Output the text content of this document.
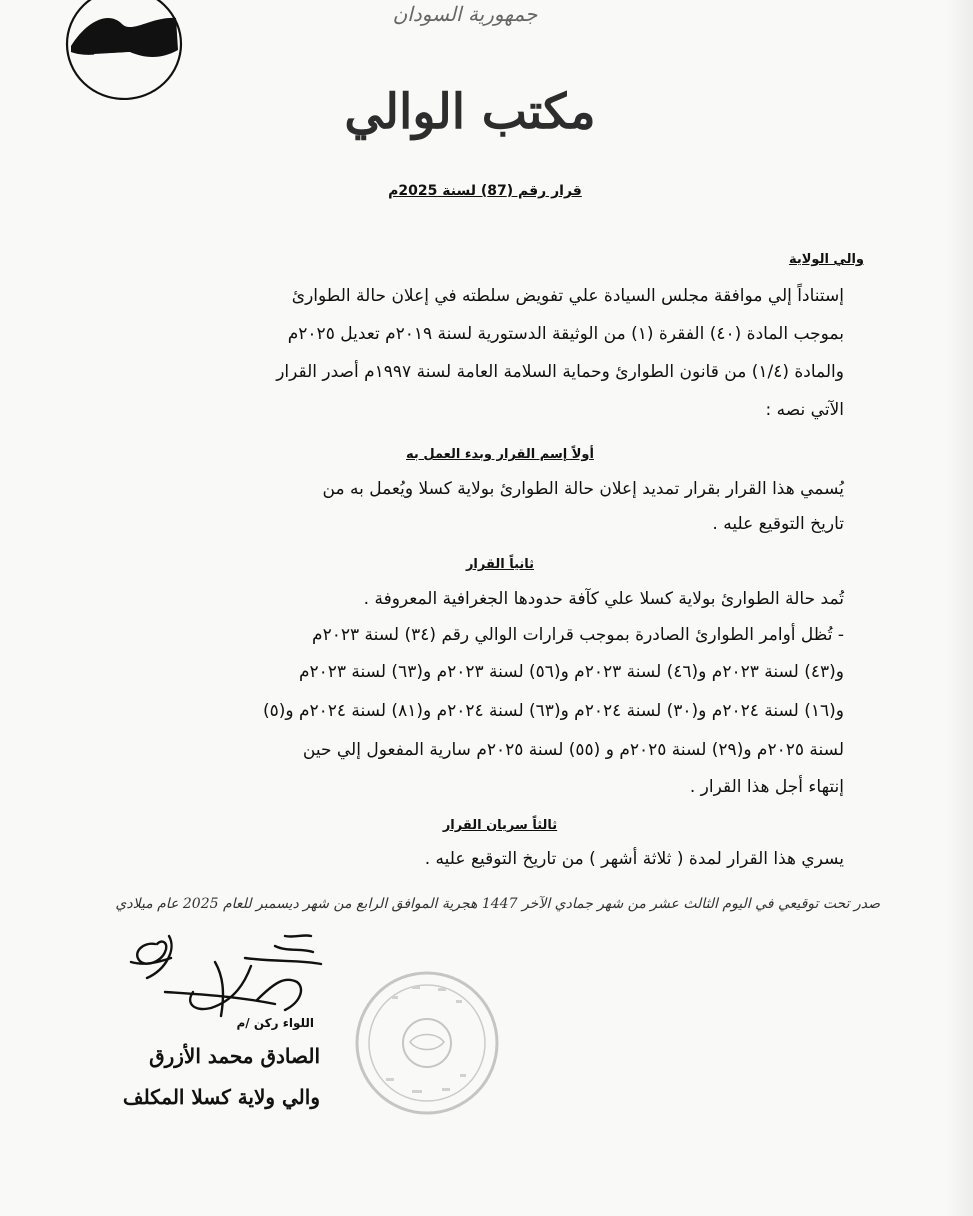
جمهورية السودان
مكتب الوالي
قرار رقم (87) لسنة 2025م
والي الولاية
إستناداً إلي موافقة مجلس السيادة علي تفويض سلطته في إعلان حالة الطوارئ
بموجب المادة (٤٠) الفقرة (١) من الوثيقة الدستورية لسنة ٢٠١٩م تعديل ٢٠٢٥م
والمادة (١/٤) من قانون الطوارئ وحماية السلامة العامة لسنة ١٩٩٧م أصدر القرار
الآتي نصه :
أولاً إسم القرار وبدء العمل به
يُسمي هذا القرار بقرار تمديد إعلان حالة الطوارئ بولاية كسلا ويُعمل به من
تاريخ التوقيع عليه .
ثانياً القرار
تُمد حالة الطوارئ بولاية كسلا علي كآفة حدودها الجغرافية المعروفة .
- تُظل أوامر الطوارئ الصادرة بموجب قرارات الوالي رقم (٣٤) لسنة ٢٠٢٣م
و(٤٣) لسنة ٢٠٢٣م و(٤٦) لسنة ٢٠٢٣م و(٥٦) لسنة ٢٠٢٣م و(٦٣) لسنة ٢٠٢٣م
و(١٦) لسنة ٢٠٢٤م و(٣٠) لسنة ٢٠٢٤م و(٦٣) لسنة ٢٠٢٤م و(٨١) لسنة ٢٠٢٤م و(٥)
لسنة ٢٠٢٥م و(٢٩) لسنة ٢٠٢٥م و (٥٥) لسنة ٢٠٢٥م سارية المفعول إلي حين
إنتهاء أجل هذا القرار .
ثالثاً سريان القرار
يسري هذا القرار لمدة ( ثلاثة أشهر ) من تاريخ التوقيع عليه .
صدر تحت توقيعي في اليوم الثالث عشر من شهر جمادي الآخر 1447 هجرية الموافق الرابع من شهر ديسمبر للعام 2025 عام ميلادي
اللواء ركن /م
الصادق محمد الأزرق
والي ولاية كسلا المكلف
